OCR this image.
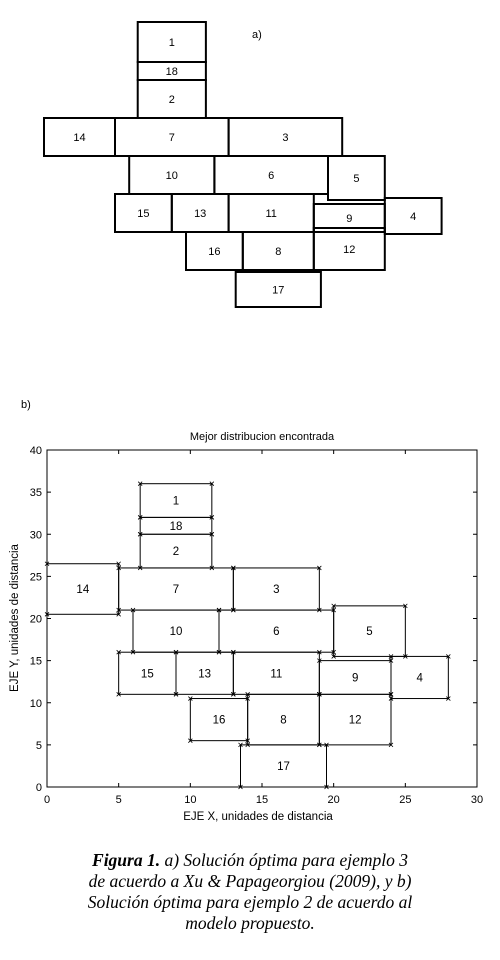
a)
1
18
2
14	7	3
10	6	5
15	13	11	9	4
16	8	12
17
b)
Mejor distribucion encontrada
0	5	10	15	20	25	30
0
5
10
15
20
25
30
35
40
1
18
2
14	7	3
10	6	5
15	13	11	9	4
16	8	12
17
EJE X, unidades de distancia
EJE Y, unidades de distancia
Figura 1. a) Solución óptima para ejemplo 3
de acuerdo a Xu & Papageorgiou (2009), y b)
Solución óptima para ejemplo 2 de acuerdo al
modelo propuesto.
